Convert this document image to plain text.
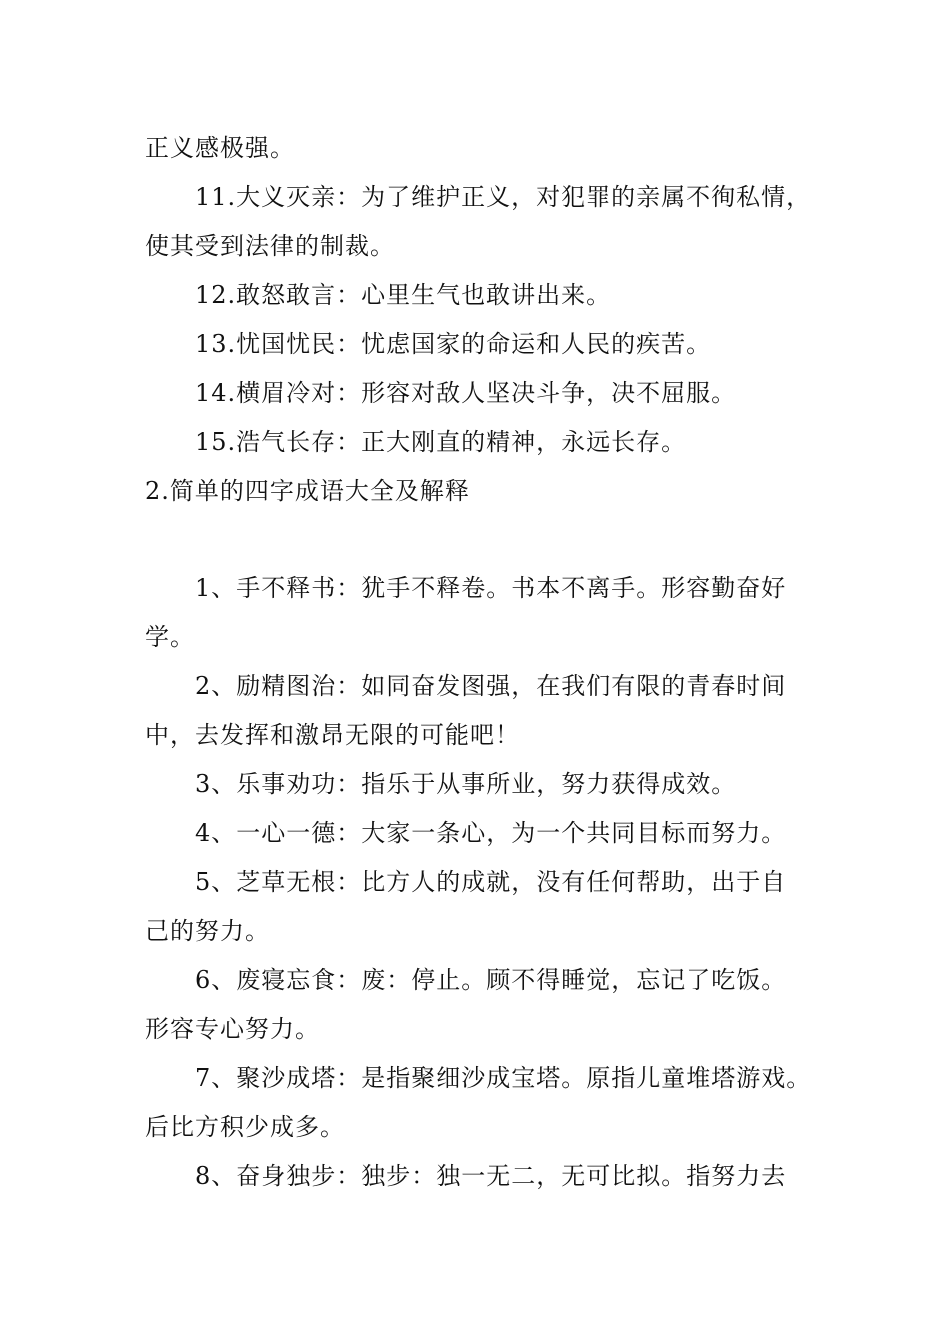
正义感极强。
11.大义灭亲：为了维护正义，对犯罪的亲属不徇私情，
使其受到法律的制裁。
12.敢怒敢言：心里生气也敢讲出来。
13.忧国忧民：忧虑国家的命运和人民的疾苦。
14.横眉冷对：形容对敌人坚决斗争，决不屈服。
15.浩气长存：正大刚直的精神，永远长存。
2.简单的四字成语大全及解释
1、手不释书：犹手不释卷。书本不离手。形容勤奋好
学。
2、励精图治：如同奋发图强，在我们有限的青春时间
中，去发挥和激昂无限的可能吧！
3、乐事劝功：指乐于从事所业，努力获得成效。
4、一心一德：大家一条心，为一个共同目标而努力。
5、芝草无根：比方人的成就，没有任何帮助，出于自
己的努力。
6、废寝忘食：废：停止。顾不得睡觉，忘记了吃饭。
形容专心努力。
7、聚沙成塔：是指聚细沙成宝塔。原指儿童堆塔游戏。
后比方积少成多。
8、奋身独步：独步：独一无二，无可比拟。指努力去
